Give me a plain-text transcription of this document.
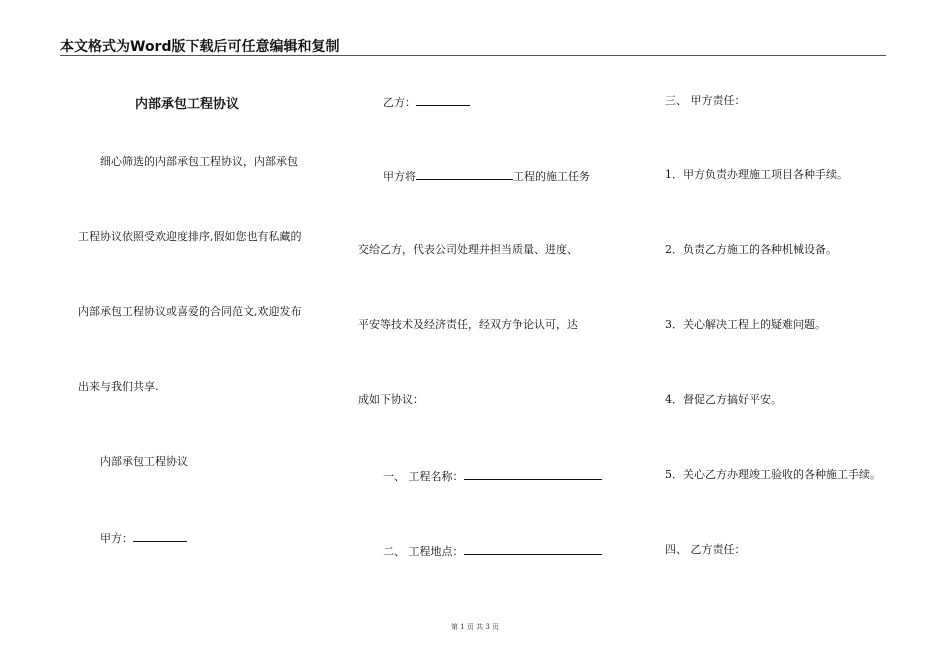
本文格式为Word版下载后可任意编辑和复制
内部承包工程协议
细心筛选的内部承包工程协议，内部承包
工程协议依照受欢迎度排序,假如您也有私藏的
内部承包工程协议或喜爱的合同范文,欢迎发布
出来与我们共享.
内部承包工程协议
甲方：
乙方：
甲方将	工程的施工任务
交给乙方，代表公司处理并担当质量、进度、
平安等技术及经济责任，经双方争论认可，达
成如下协议：
一、 工程名称：
二、 工程地点：
三、 甲方责任：
1．甲方负责办理施工项目各种手续。
2．负责乙方施工的各种机械设备。
3．关心解决工程上的疑难问题。
4．督促乙方搞好平安。
5．关心乙方办理竣工验收的各种施工手续。
四、 乙方责任：
第 1 页 共 3 页
